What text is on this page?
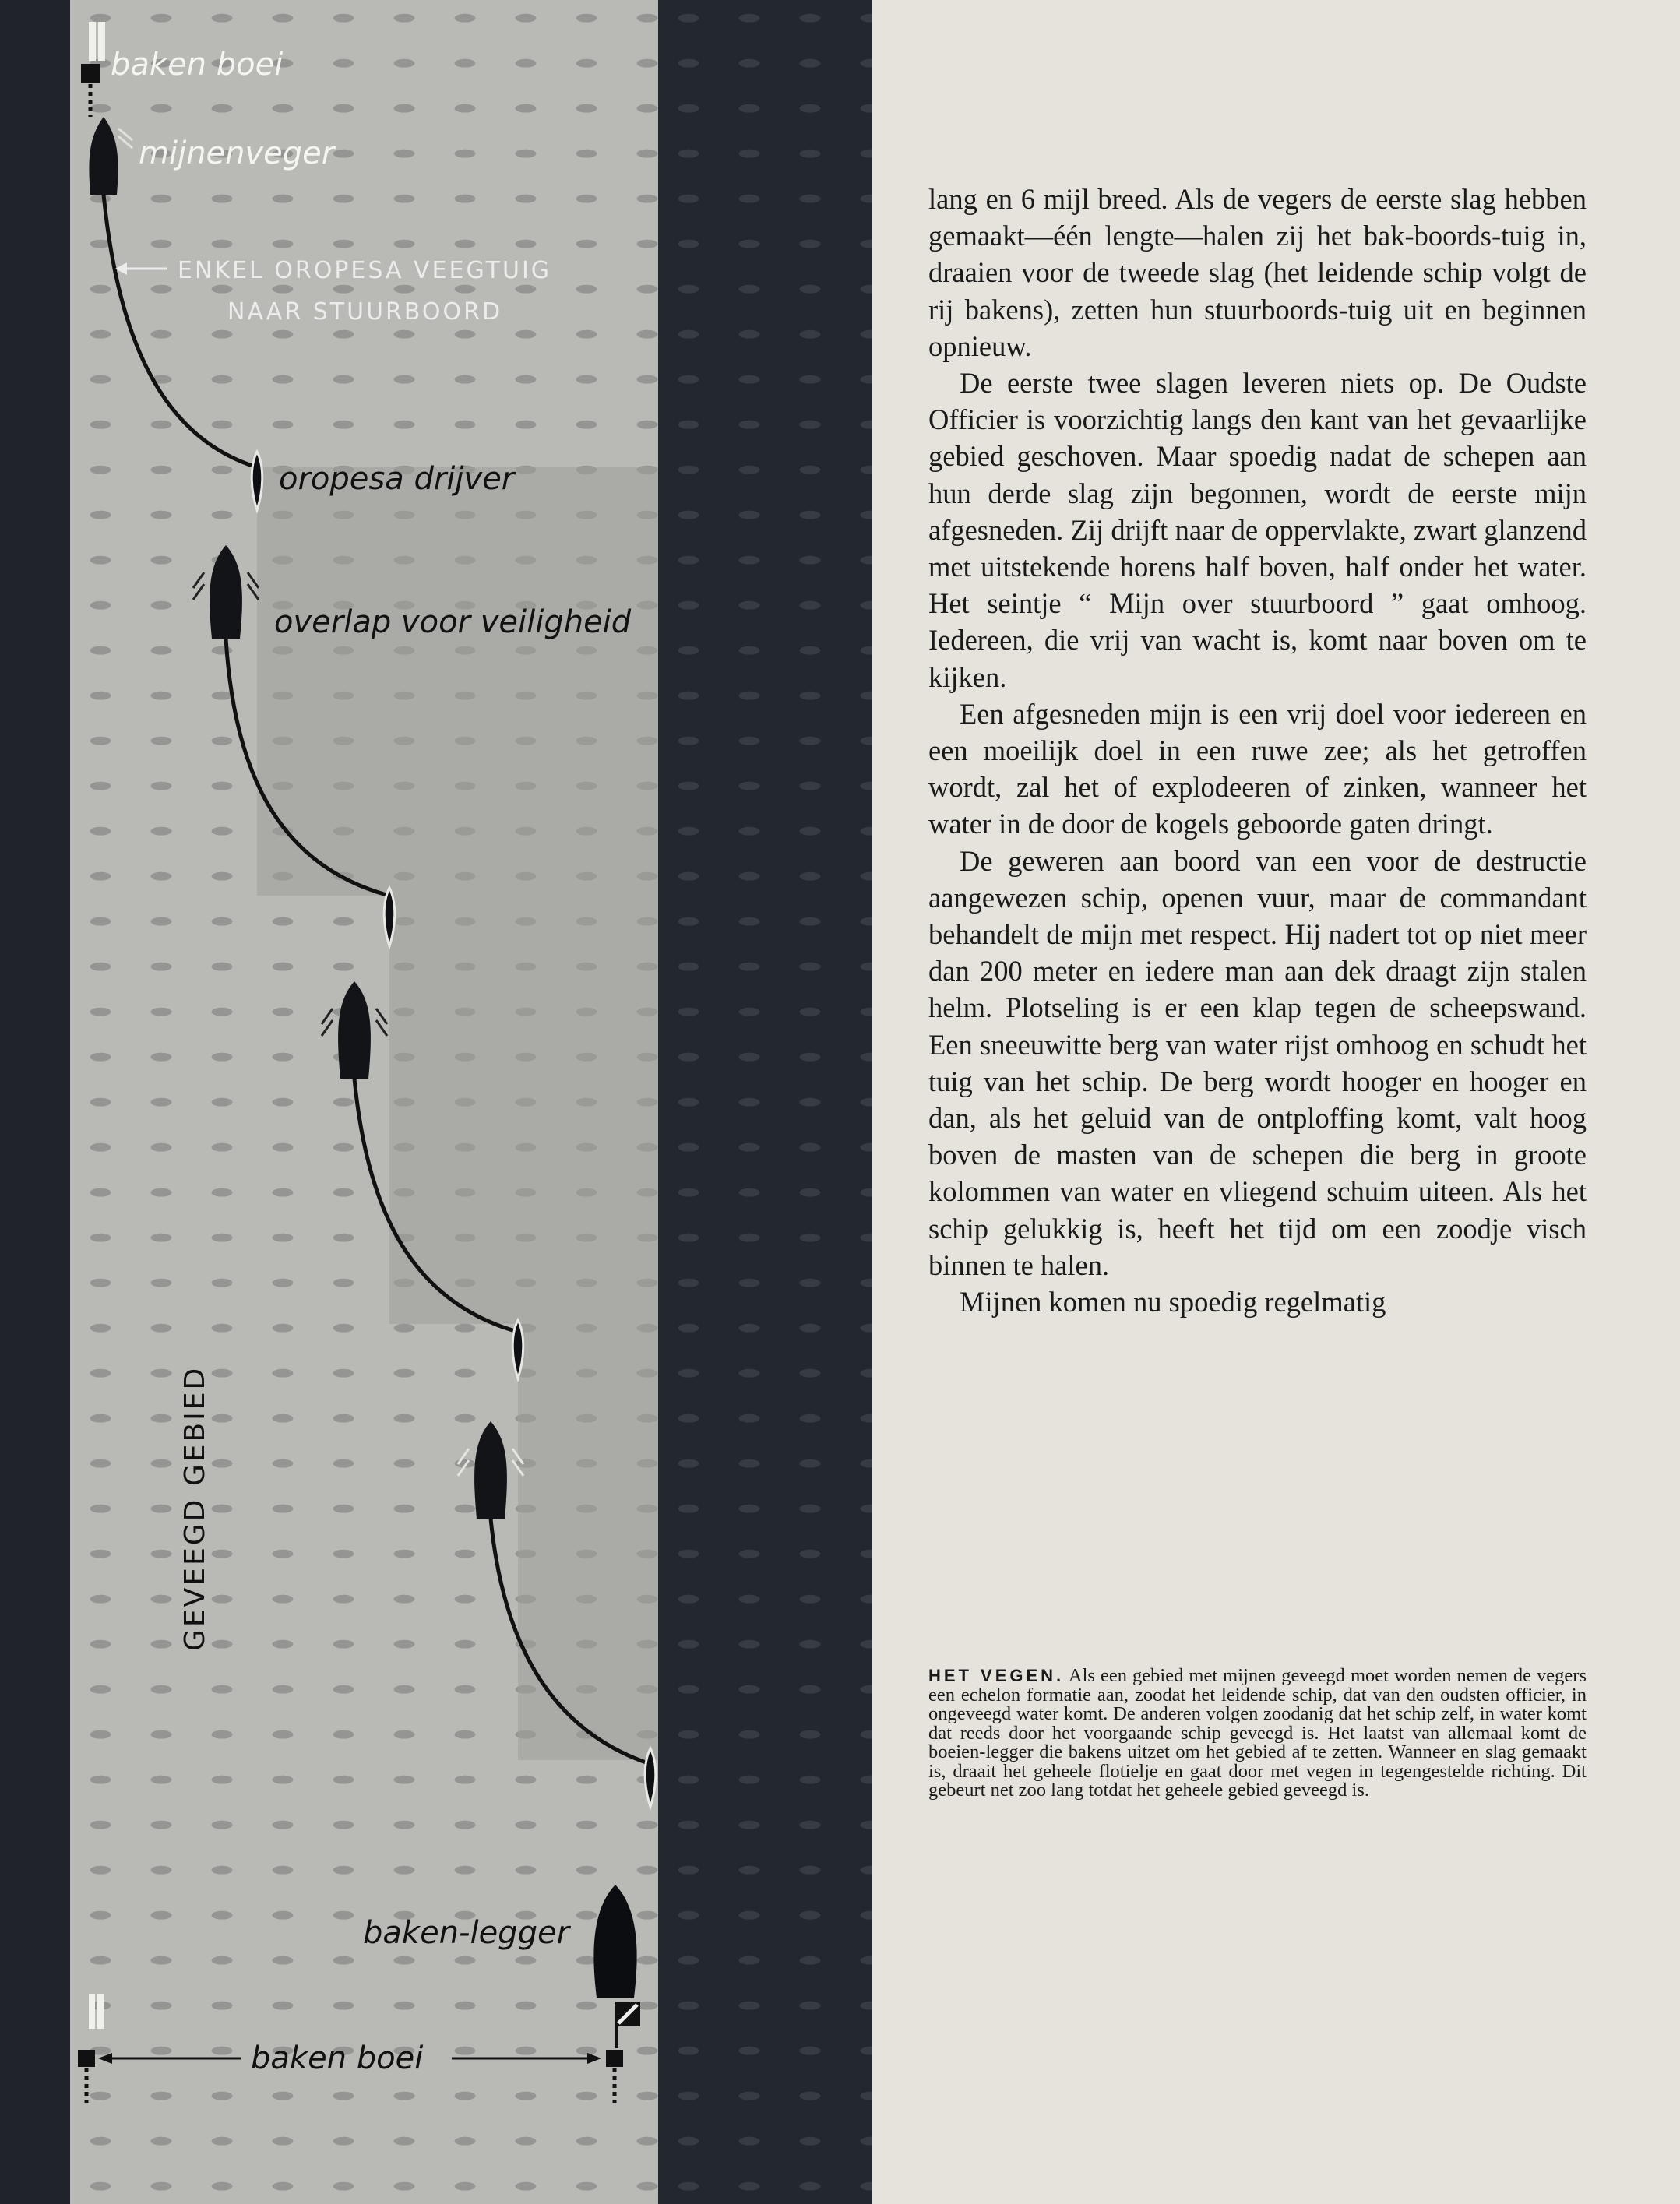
baken boei
mijnenveger
ENKEL OROPESA VEEGTUIG
NAAR STUURBOORD
oropesa drijver
overlap voor veiligheid
GEVEEGD GEBIED
baken-legger
baken boei

lang en 6 mijl breed. Als de vegers de eerste slag hebben gemaakt—één lengte—halen zij het bak-boords-tuig in, draaien voor de tweede slag (het leidende schip volgt de rij bakens), zetten hun stuurboords-tuig uit en beginnen opnieuw.

De eerste twee slagen leveren niets op. De Oudste Officier is voorzichtig langs den kant van het gevaarlijke gebied geschoven. Maar spoedig nadat de schepen aan hun derde slag zijn begonnen, wordt de eerste mijn afgesneden. Zij drijft naar de oppervlakte, zwart glanzend met uitstekende horens half boven, half onder het water. Het seintje “ Mijn over stuurboord ” gaat omhoog. Iedereen, die vrij van wacht is, komt naar boven om te kijken.

Een afgesneden mijn is een vrij doel voor iedereen en een moeilijk doel in een ruwe zee; als het getroffen wordt, zal het of explodeeren of zinken, wanneer het water in de door de kogels geboorde gaten dringt.

De geweren aan boord van een voor de destructie aangewezen schip, openen vuur, maar de commandant behandelt de mijn met respect. Hij nadert tot op niet meer dan 200 meter en iedere man aan dek draagt zijn stalen helm. Plotseling is er een klap tegen de scheepswand. Een sneeuwitte berg van water rijst omhoog en schudt het tuig van het schip. De berg wordt hooger en hooger en dan, als het geluid van de ontploffing komt, valt hoog boven de masten van de schepen die berg in groote kolommen van water en vliegend schuim uiteen. Als het schip gelukkig is, heeft het tijd om een zoodje visch binnen te halen.

Mijnen komen nu spoedig regelmatig

HET VEGEN. Als een gebied met mijnen geveegd moet worden nemen de vegers een echelon formatie aan, zoodat het leidende schip, dat van den oudsten officier, in ongeveegd water komt. De anderen volgen zoodanig dat het schip zelf, in water komt dat reeds door het voorgaande schip geveegd is. Het laatst van allemaal komt de boeien-legger die bakens uitzet om het gebied af te zetten. Wanneer en slag gemaakt is, draait het geheele flotielje en gaat door met vegen in tegengestelde richting. Dit gebeurt net zoo lang totdat het geheele gebied geveegd is.
